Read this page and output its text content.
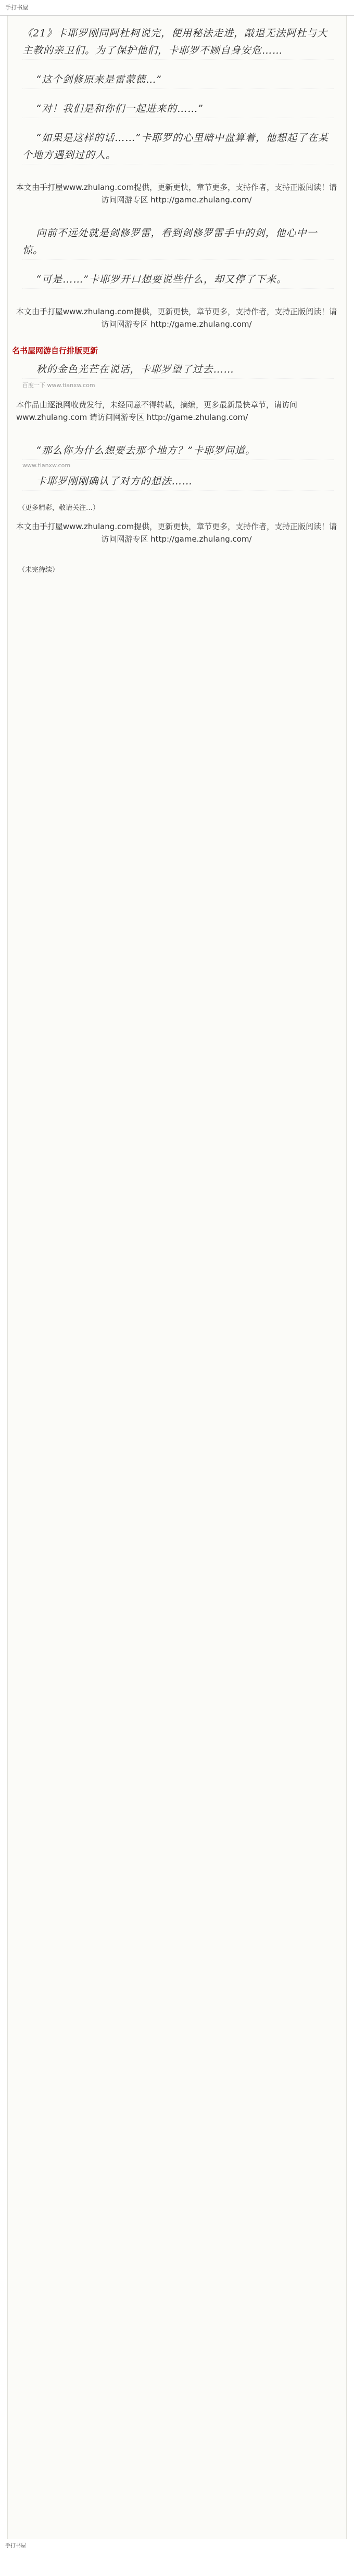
手打书屋

《21》卡耶罗刚同阿杜柯说完，便用秘法走进，敲退无法阿杜与大主教的亲卫们。为了保护他们，卡耶罗不顾自身安危……

“这个剑修原来是雷蒙德…”

“对！我们是和你们一起进来的……”

“如果是这样的话……”卡耶罗的心里暗中盘算着，他想起了在某个地方遇到过的人。

本文由手打屋www.zhulang.com提供，更新更快，章节更多，支持作者，支持正版阅读！请访问网游专区 http://game.zhulang.com/

向前不远处就是剑修罗雷，看到剑修罗雷手中的剑，他心中一惊。

“可是……”卡耶罗开口想要说些什么，却又停了下来。

本文由手打屋www.zhulang.com提供，更新更快，章节更多，支持作者，支持正版阅读！请访问网游专区 http://game.zhulang.com/
名书屋网游自行排版更新

秋的金色光芒在说话，卡耶罗望了过去……

百度一下 www.tianxw.com
本作品由逐浪网收费发行，未经同意不得转载，摘编，更多最新最快章节，请访问www.zhulang.com 请访问网游专区 http://game.zhulang.com/

“那么你为什么想要去那个地方？”卡耶罗问道。

www.tianxw.com

卡耶罗刚刚确认了对方的想法……

（更多精彩，敬请关注…）
本文由手打屋www.zhulang.com提供，更新更快，章节更多，支持作者，支持正版阅读！请访问网游专区 http://game.zhulang.com/
（未完待续）
手打书屋
